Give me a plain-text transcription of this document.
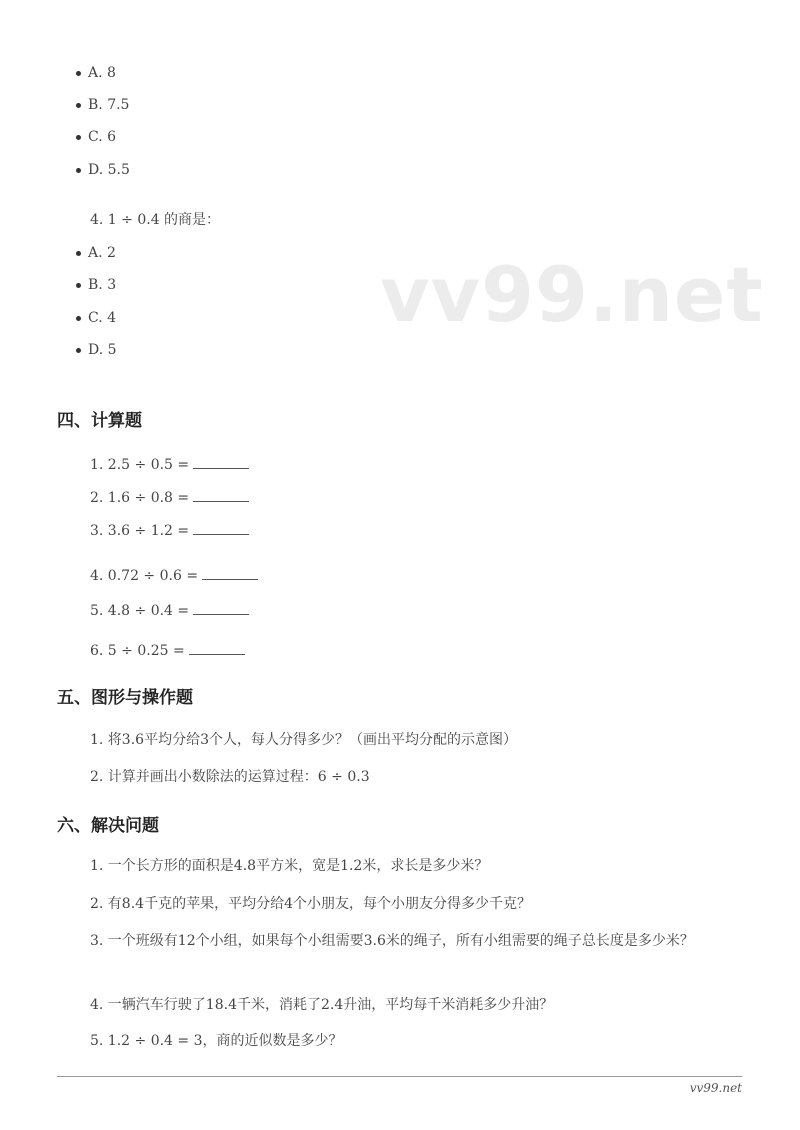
vv99.net
A. 8
B. 7.5
C. 6
D. 5.5
4. 1 ÷ 0.4 的商是：
A. 2
B. 3
C. 4
D. 5
四、计算题
1. 2.5 ÷ 0.5 =
2. 1.6 ÷ 0.8 =
3. 3.6 ÷ 1.2 =
4. 0.72 ÷ 0.6 =
5. 4.8 ÷ 0.4 =
6. 5 ÷ 0.25 =
五、图形与操作题
1. 将3.6平均分给3个人，每人分得多少？（画出平均分配的示意图）
2. 计算并画出小数除法的运算过程：6 ÷ 0.3
六、解决问题
1. 一个长方形的面积是4.8平方米，宽是1.2米，求长是多少米？
2. 有8.4千克的苹果，平均分给4个小朋友，每个小朋友分得多少千克？
3. 一个班级有12个小组，如果每个小组需要3.6米的绳子，所有小组需要的绳子总长度是多少米？
4. 一辆汽车行驶了18.4千米，消耗了2.4升油，平均每千米消耗多少升油？
5. 1.2 ÷ 0.4 = 3，商的近似数是多少？
vv99.net
